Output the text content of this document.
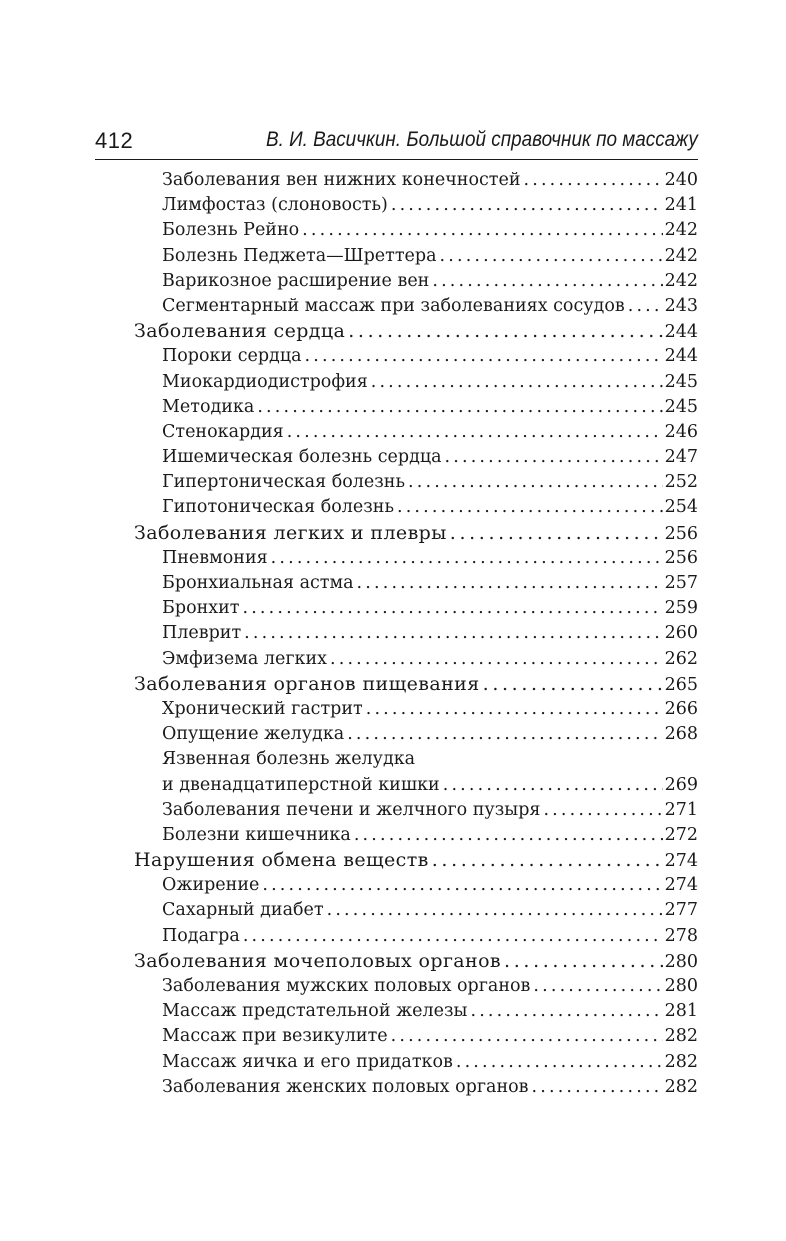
412	В. И. Васичкин. Большой справочник по массажу
Заболевания вен нижних конечностей . . .	240
Лимфостаз (слоновость) . . .	241
Болезнь Рейно . . .	242
Болезнь Педжета—Шреттера . . .	242
Варикозное расширение вен . . .	242
Сегментарный массаж при заболеваниях сосудов . . . 243
Заболевания сердца . . .	244
Пороки сердца . . .	244
Миокардиодистрофия . . .	245
Методика . . .	245
Стенокардия . . .	246
Ишемическая болезнь сердца . . .	247
Гипертоническая болезнь . . .	252
Гипотоническая болезнь . . .	254
Заболевания легких и плевры . . .	256
Пневмония . . .	256
Бронхиальная астма . . .	257
Бронхит . . .	259
Плеврит . . .	260
Эмфизема легких . . .	262
Заболевания органов пищевания . . .	265
Хронический гастрит . . .	266
Опущение желудка . . .	268
Язвенная болезнь желудка
и двенадцатиперстной кишки . . .	269
Заболевания печени и желчного пузыря . . .	271
Болезни кишечника . . .	272
Нарушения обмена веществ . . .	274
Ожирение . . .	274
Сахарный диабет . . .	277
Подагра . . .	278
Заболевания мочеполовых органов . . .	280
Заболевания мужских половых органов . . .	280
Массаж предстательной железы . . .	281
Массаж при везикулите . . .	282
Массаж яичка и его придатков . . .	282
Заболевания женских половых органов . . .	282
